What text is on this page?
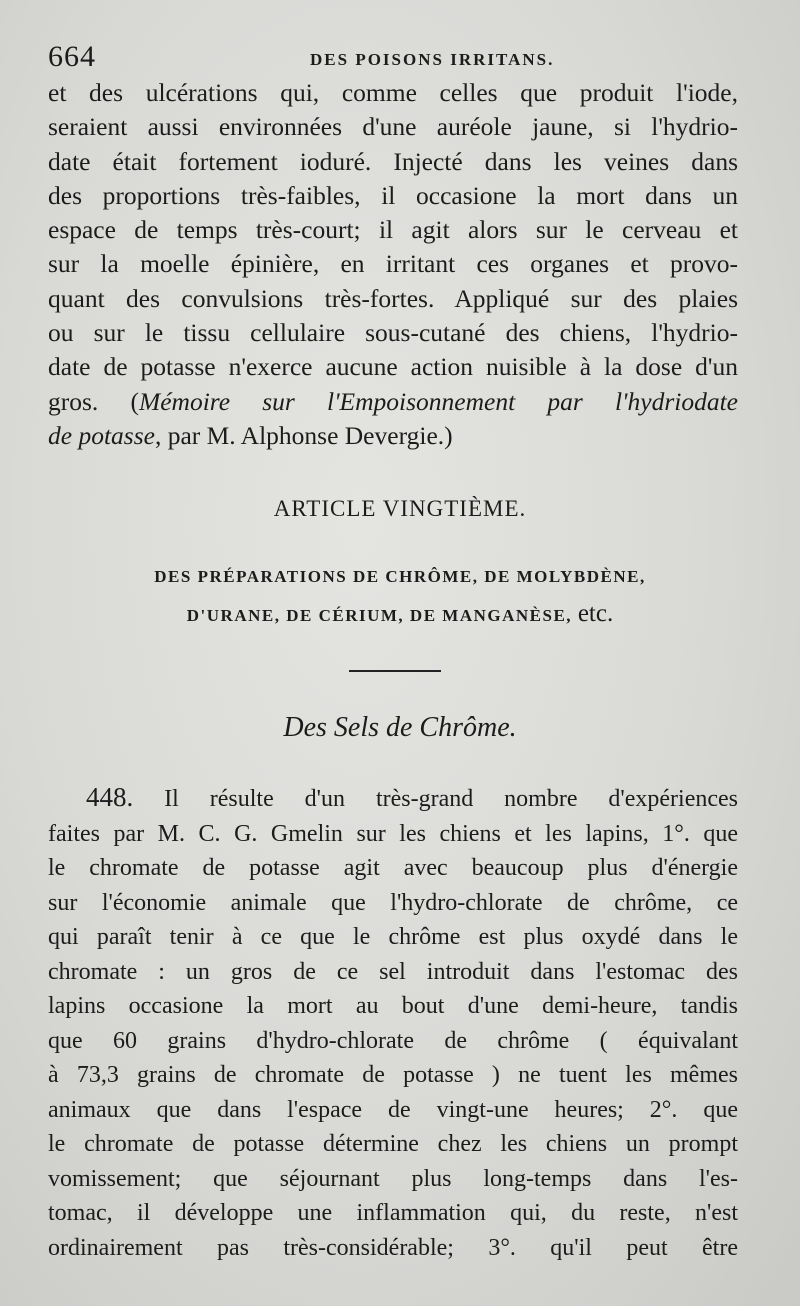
664	DES POISONS IRRITANS.
et des ulcérations qui, comme celles que produit l'iode,
seraient aussi environnées d'une auréole jaune, si l'hydrio-
date était fortement ioduré. Injecté dans les veines dans
des proportions très-faibles, il occasione la mort dans un
espace de temps très-court; il agit alors sur le cerveau et
sur la moelle épinière, en irritant ces organes et provo-
quant des convulsions très-fortes. Appliqué sur des plaies
ou sur le tissu cellulaire sous-cutané des chiens, l'hydrio-
date de potasse n'exerce aucune action nuisible à la dose d'un
gros. (Mémoire sur l'Empoisonnement par l'hydriodate
de potasse, par M. Alphonse Devergie.)
ARTICLE VINGTIÈME.
DES PRÉPARATIONS DE CHRÔME, DE MOLYBDÈNE,
D'URANE, DE CÉRIUM, DE MANGANÈSE, etc.
Des Sels de Chrôme.
448. Il résulte d'un très-grand nombre d'expériences
faites par M. C. G. Gmelin sur les chiens et les lapins, 1°. que
le chromate de potasse agit avec beaucoup plus d'énergie
sur l'économie animale que l'hydro-chlorate de chrôme, ce
qui paraît tenir à ce que le chrôme est plus oxydé dans le
chromate : un gros de ce sel introduit dans l'estomac des
lapins occasione la mort au bout d'une demi-heure, tandis
que 60 grains d'hydro-chlorate de chrôme ( équivalant
à 73,3 grains de chromate de potasse ) ne tuent les mêmes
animaux que dans l'espace de vingt-une heures; 2°. que
le chromate de potasse détermine chez les chiens un prompt
vomissement; que séjournant plus long-temps dans l'es-
tomac, il développe une inflammation qui, du reste, n'est
ordinairement pas très-considérable; 3°. qu'il peut être
